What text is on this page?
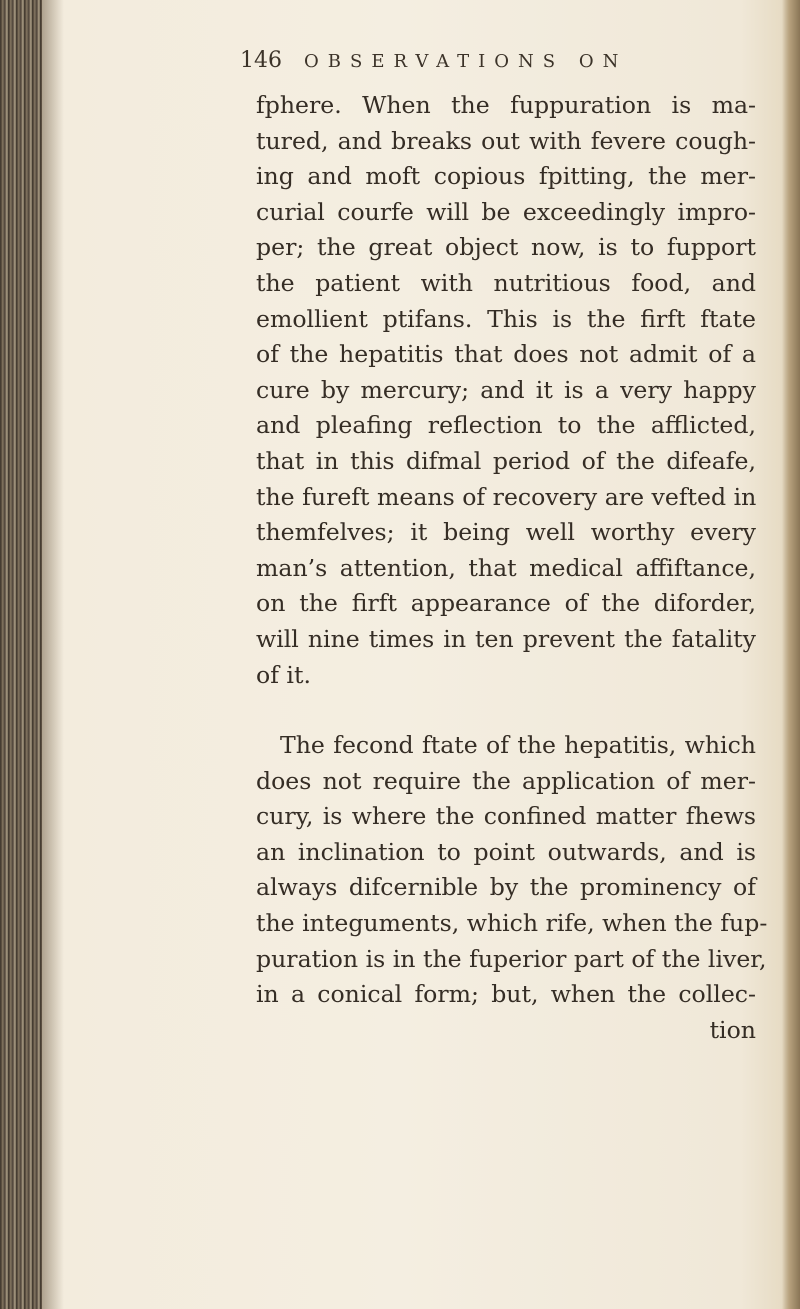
146 OBSERVATIONS ON
fphere. When the fuppuration is ma-
tured, and breaks out with fevere cough-
ing and moft copious fpitting, the mer-
curial courfe will be exceedingly impro-
per; the great object now, is to fupport
the patient with nutritious food, and
emollient ptifans. This is the firft ftate
of the hepatitis that does not admit of a
cure by mercury; and it is a very happy
and pleafing reflection to the afflicted,
that in this difmal period of the difeafe,
the fureft means of recovery are vefted in
themfelves; it being well worthy every
man’s attention, that medical affiftance,
on the firft appearance of the diforder,
will nine times in ten prevent the fatality
of it.
The fecond ftate of the hepatitis, which
does not require the application of mer-
cury, is where the confined matter fhews
an inclination to point outwards, and is
always difcernible by the prominency of
the integuments, which rife, when the fup-
puration is in the fuperior part of the liver,
in a conical form; but, when the collec-
tion
